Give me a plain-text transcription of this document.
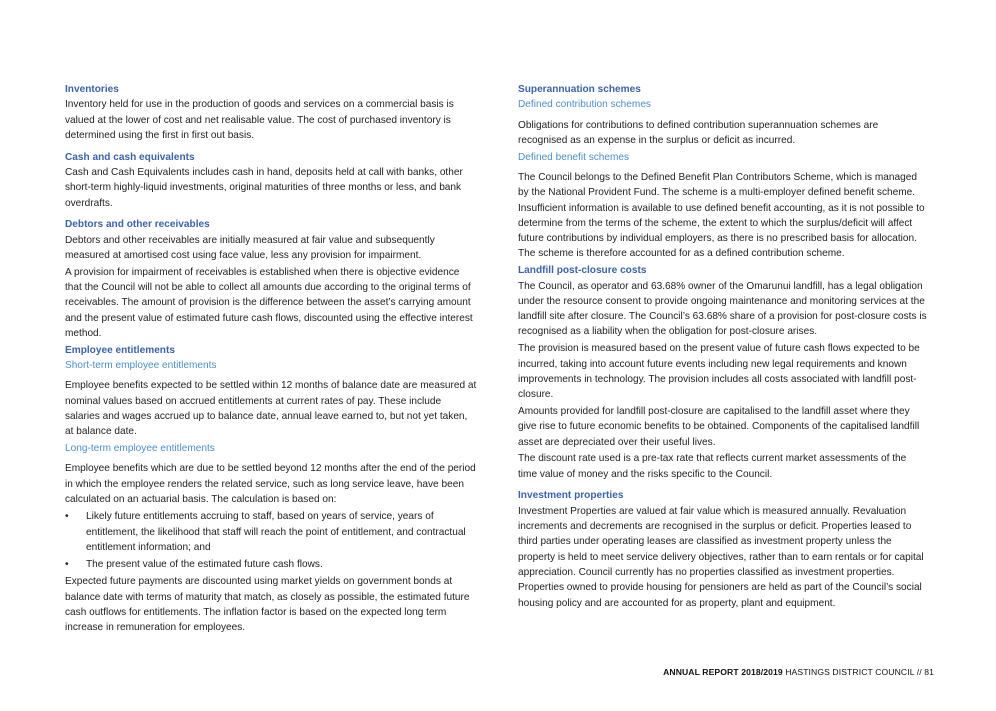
Inventories

Inventory held for use in the production of goods and services on a commercial basis is valued at the lower of cost and net realisable value. The cost of purchased inventory is determined using the first in first out basis.

Cash and cash equivalents

Cash and Cash Equivalents includes cash in hand, deposits held at call with banks, other short-term highly-liquid investments, original maturities of three months or less, and bank overdrafts.

Debtors and other receivables

Debtors and other receivables are initially measured at fair value and subsequently measured at amortised cost using face value, less any provision for impairment.

A provision for impairment of receivables is established when there is objective evidence that the Council will not be able to collect all amounts due according to the original terms of receivables. The amount of provision is the difference between the asset’s carrying amount and the present value of estimated future cash flows, discounted using the effective interest method.

Employee entitlements
Short-term employee entitlements

Employee benefits expected to be settled within 12 months of balance date are measured at nominal values based on accrued entitlements at current rates of pay. These include salaries and wages accrued up to balance date, annual leave earned to, but not yet taken, at balance date.

Long-term employee entitlements

Employee benefits which are due to be settled beyond 12 months after the end of the period in which the employee renders the related service, such as long service leave, have been calculated on an actuarial basis. The calculation is based on:

• Likely future entitlements accruing to staff, based on years of service, years of entitlement, the likelihood that staff will reach the point of entitlement, and contractual entitlement information; and
• The present value of the estimated future cash flows.

Expected future payments are discounted using market yields on government bonds at balance date with terms of maturity that match, as closely as possible, the estimated future cash outflows for entitlements. The inflation factor is based on the expected long term increase in remuneration for employees.

Superannuation schemes
Defined contribution schemes

Obligations for contributions to defined contribution superannuation schemes are recognised as an expense in the surplus or deficit as incurred.

Defined benefit schemes

The Council belongs to the Defined Benefit Plan Contributors Scheme, which is managed by the National Provident Fund. The scheme is a multi-employer defined benefit scheme. Insufficient information is available to use defined benefit accounting, as it is not possible to determine from the terms of the scheme, the extent to which the surplus/deficit will affect future contributions by individual employers, as there is no prescribed basis for allocation. The scheme is therefore accounted for as a defined contribution scheme.

Landfill post-closure costs

The Council, as operator and 63.68% owner of the Omarunui landfill, has a legal obligation under the resource consent to provide ongoing maintenance and monitoring services at the landfill site after closure. The Council’s 63.68% share of a provision for post-closure costs is recognised as a liability when the obligation for post-closure arises.

The provision is measured based on the present value of future cash flows expected to be incurred, taking into account future events including new legal requirements and known improvements in technology. The provision includes all costs associated with landfill post-closure.

Amounts provided for landfill post-closure are capitalised to the landfill asset where they give rise to future economic benefits to be obtained. Components of the capitalised landfill asset are depreciated over their useful lives.

The discount rate used is a pre-tax rate that reflects current market assessments of the time value of money and the risks specific to the Council.

Investment properties

Investment Properties are valued at fair value which is measured annually. Revaluation increments and decrements are recognised in the surplus or deficit. Properties leased to third parties under operating leases are classified as investment property unless the property is held to meet service delivery objectives, rather than to earn rentals or for capital appreciation. Council currently has no properties classified as investment properties. Properties owned to provide housing for pensioners are held as part of the Council’s social housing policy and are accounted for as property, plant and equipment.

ANNUAL REPORT 2018/2019 HASTINGS DISTRICT COUNCIL // 81
